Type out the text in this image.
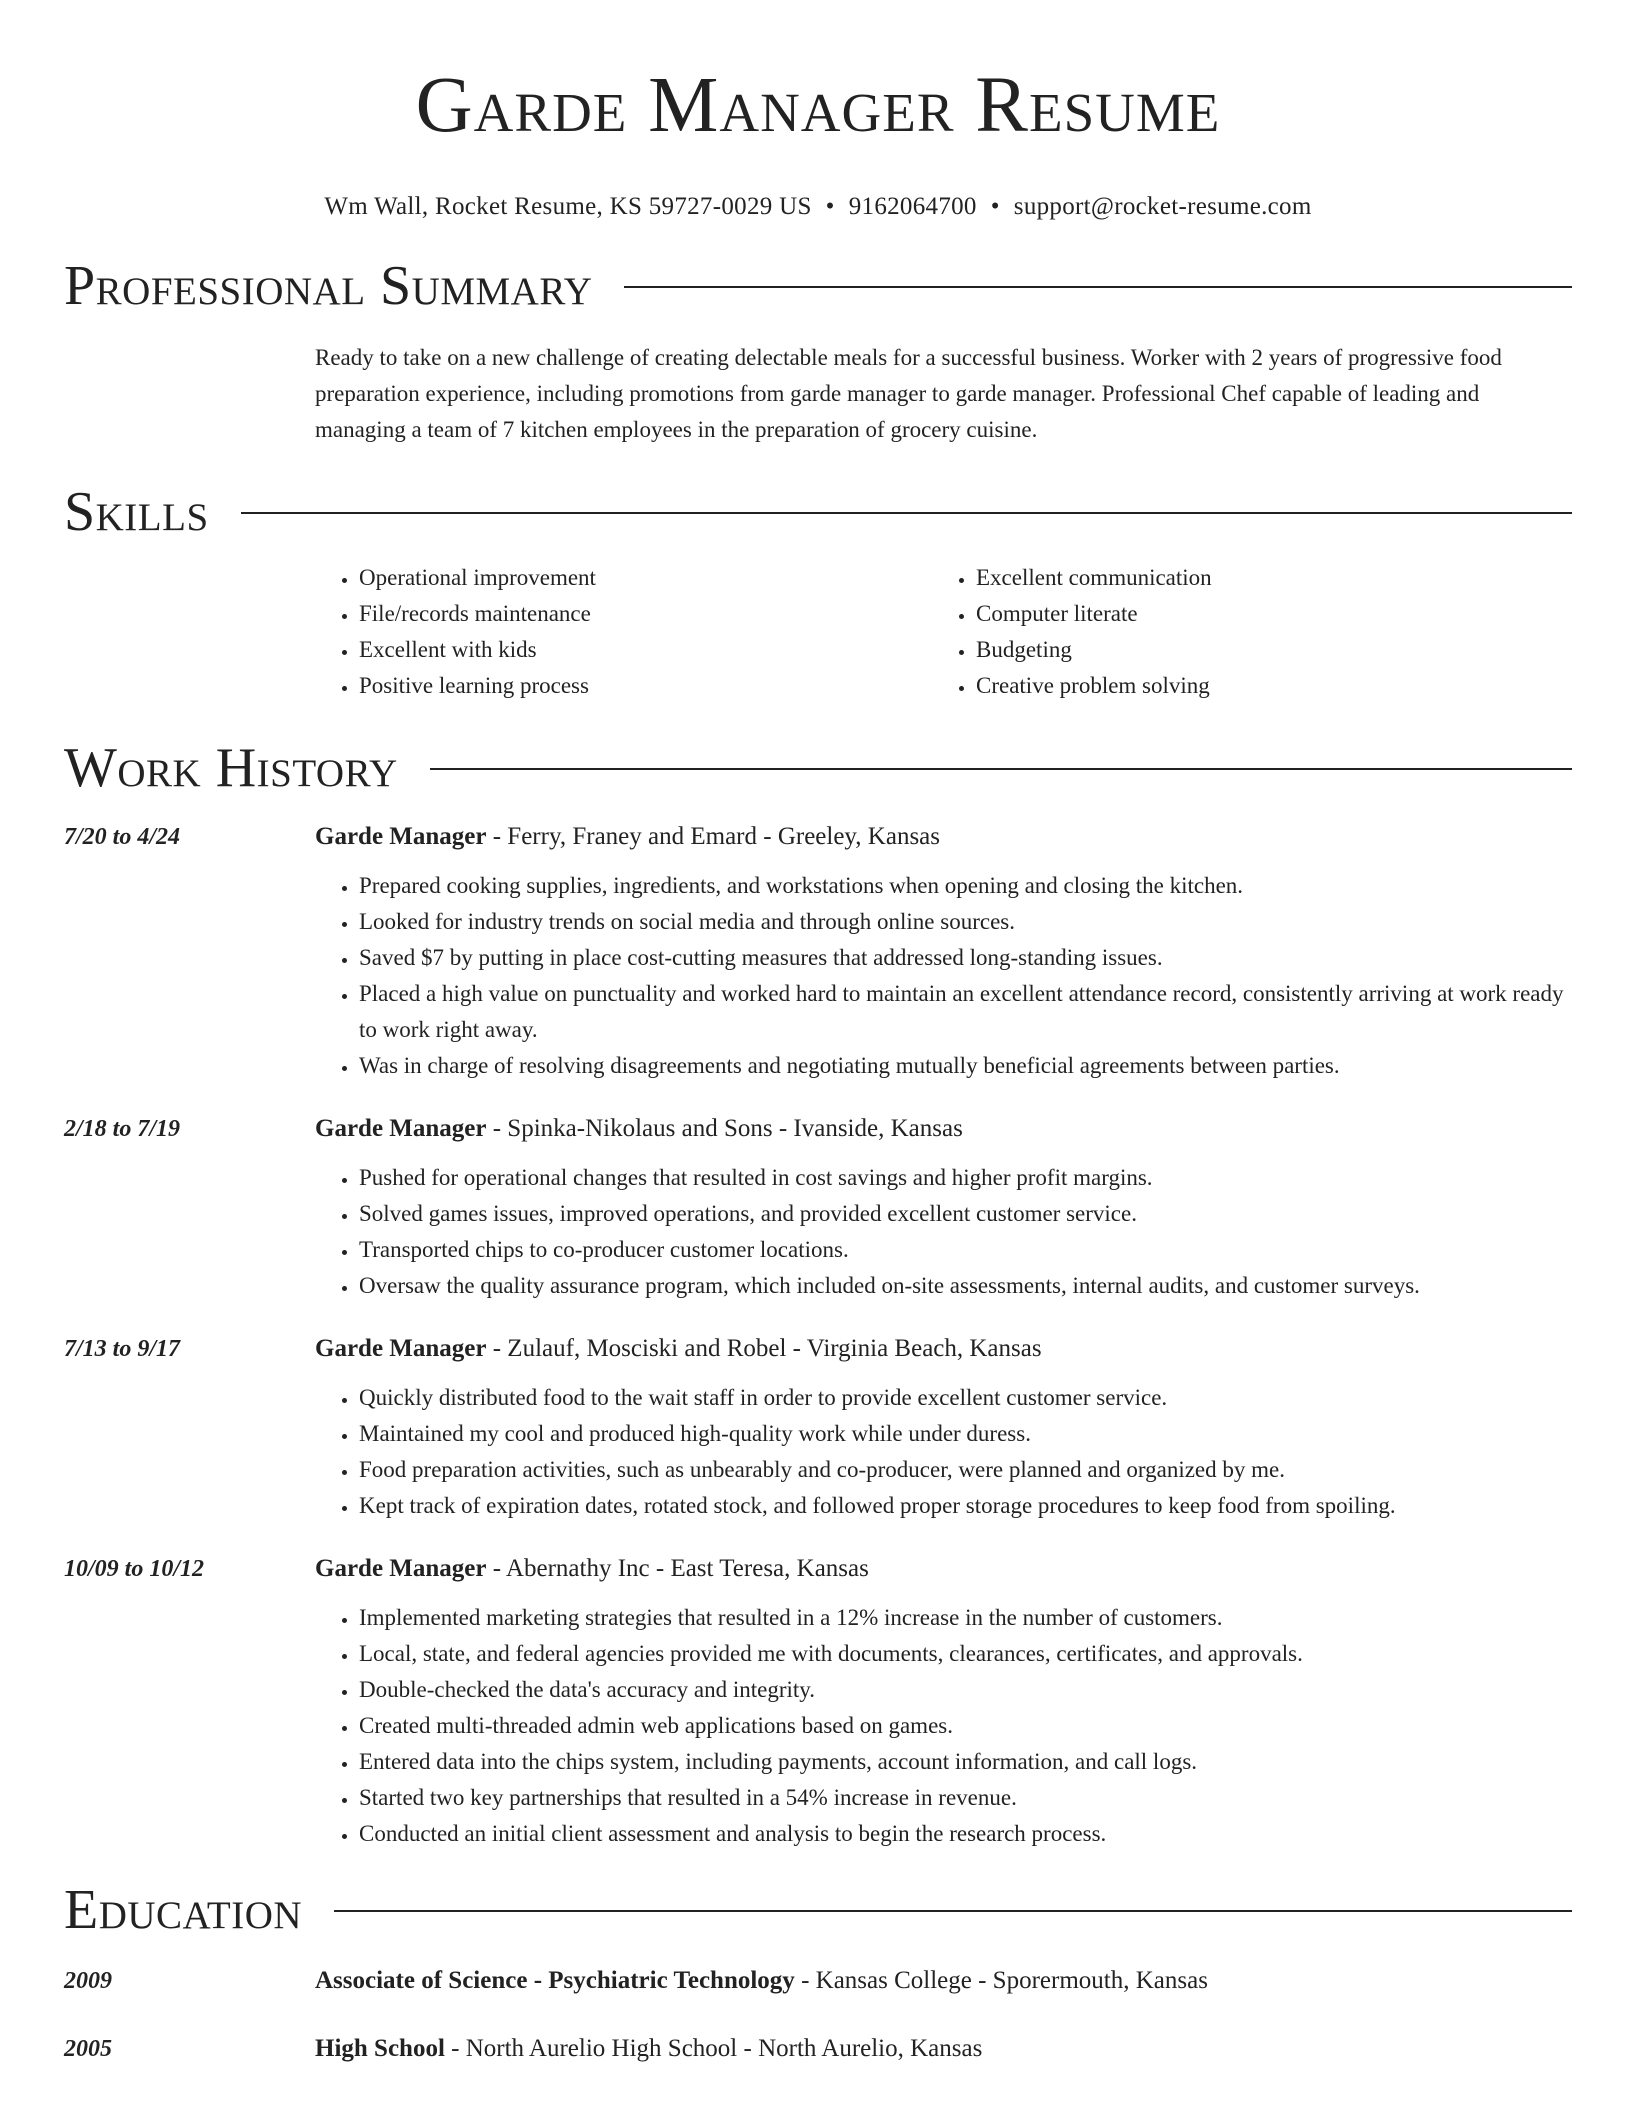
Garde Manager Resume
Wm Wall, Rocket Resume, KS 59727-0029 US • 9162064700 • support@rocket-resume.com
Professional Summary
Ready to take on a new challenge of creating delectable meals for a successful business. Worker with 2 years of progressive food preparation experience, including promotions from garde manager to garde manager. Professional Chef capable of leading and managing a team of 7 kitchen employees in the preparation of grocery cuisine.
Skills
• Operational improvement
• File/records maintenance
• Excellent with kids
• Positive learning process
• Excellent communication
• Computer literate
• Budgeting
• Creative problem solving
Work History
7/20 to 4/24	Garde Manager - Ferry, Franey and Emard - Greeley, Kansas
• Prepared cooking supplies, ingredients, and workstations when opening and closing the kitchen.
• Looked for industry trends on social media and through online sources.
• Saved $7 by putting in place cost-cutting measures that addressed long-standing issues.
• Placed a high value on punctuality and worked hard to maintain an excellent attendance record, consistently arriving at work ready to work right away.
• Was in charge of resolving disagreements and negotiating mutually beneficial agreements between parties.
2/18 to 7/19	Garde Manager - Spinka-Nikolaus and Sons - Ivanside, Kansas
• Pushed for operational changes that resulted in cost savings and higher profit margins.
• Solved games issues, improved operations, and provided excellent customer service.
• Transported chips to co-producer customer locations.
• Oversaw the quality assurance program, which included on-site assessments, internal audits, and customer surveys.
7/13 to 9/17	Garde Manager - Zulauf, Mosciski and Robel - Virginia Beach, Kansas
• Quickly distributed food to the wait staff in order to provide excellent customer service.
• Maintained my cool and produced high-quality work while under duress.
• Food preparation activities, such as unbearably and co-producer, were planned and organized by me.
• Kept track of expiration dates, rotated stock, and followed proper storage procedures to keep food from spoiling.
10/09 to 10/12	Garde Manager - Abernathy Inc - East Teresa, Kansas
• Implemented marketing strategies that resulted in a 12% increase in the number of customers.
• Local, state, and federal agencies provided me with documents, clearances, certificates, and approvals.
• Double-checked the data's accuracy and integrity.
• Created multi-threaded admin web applications based on games.
• Entered data into the chips system, including payments, account information, and call logs.
• Started two key partnerships that resulted in a 54% increase in revenue.
• Conducted an initial client assessment and analysis to begin the research process.
Education
2009	Associate of Science - Psychiatric Technology - Kansas College - Sporermouth, Kansas
2005	High School - North Aurelio High School - North Aurelio, Kansas
